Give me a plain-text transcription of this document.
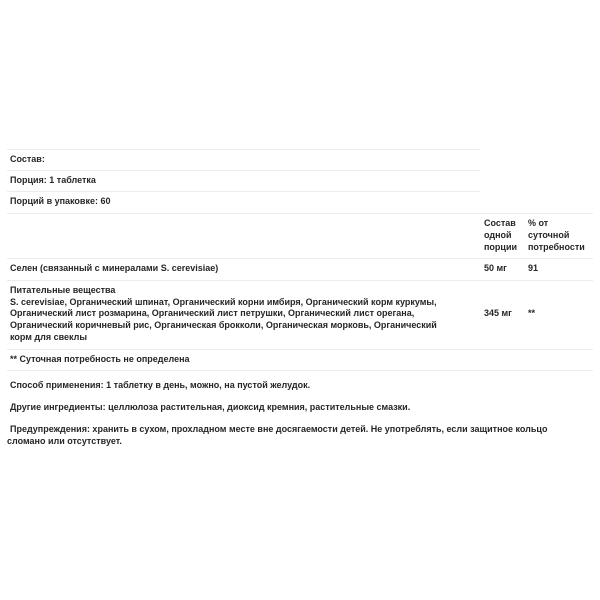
Состав:
Порция: 1 таблетка
Порций в упаковке: 60
Состав
одной
порции
% от
суточной
потребности
Селен (связанный с минералами S. cerevisiae)	50 мг 91
Питательные вещества
S. cerevisiae, Органический шпинат, Органический корни имбиря, Органический корм куркумы,
Органический лист розмарина, Органический лист петрушки, Органический лист орегана,
Органический коричневый рис, Органическая брокколи, Органическая морковь, Органический
корм для свеклы
345 мг **
** Суточная потребность не определена
Способ применения: 1 таблетку в день, можно, на пустой желудок.
Другие ингредиенты: целлюлоза растительная, диоксид кремния, растительные смазки.
Предупреждения: хранить в сухом, прохладном месте вне досягаемости детей. Не употреблять, если защитное кольцо
сломано или отсутствует.
